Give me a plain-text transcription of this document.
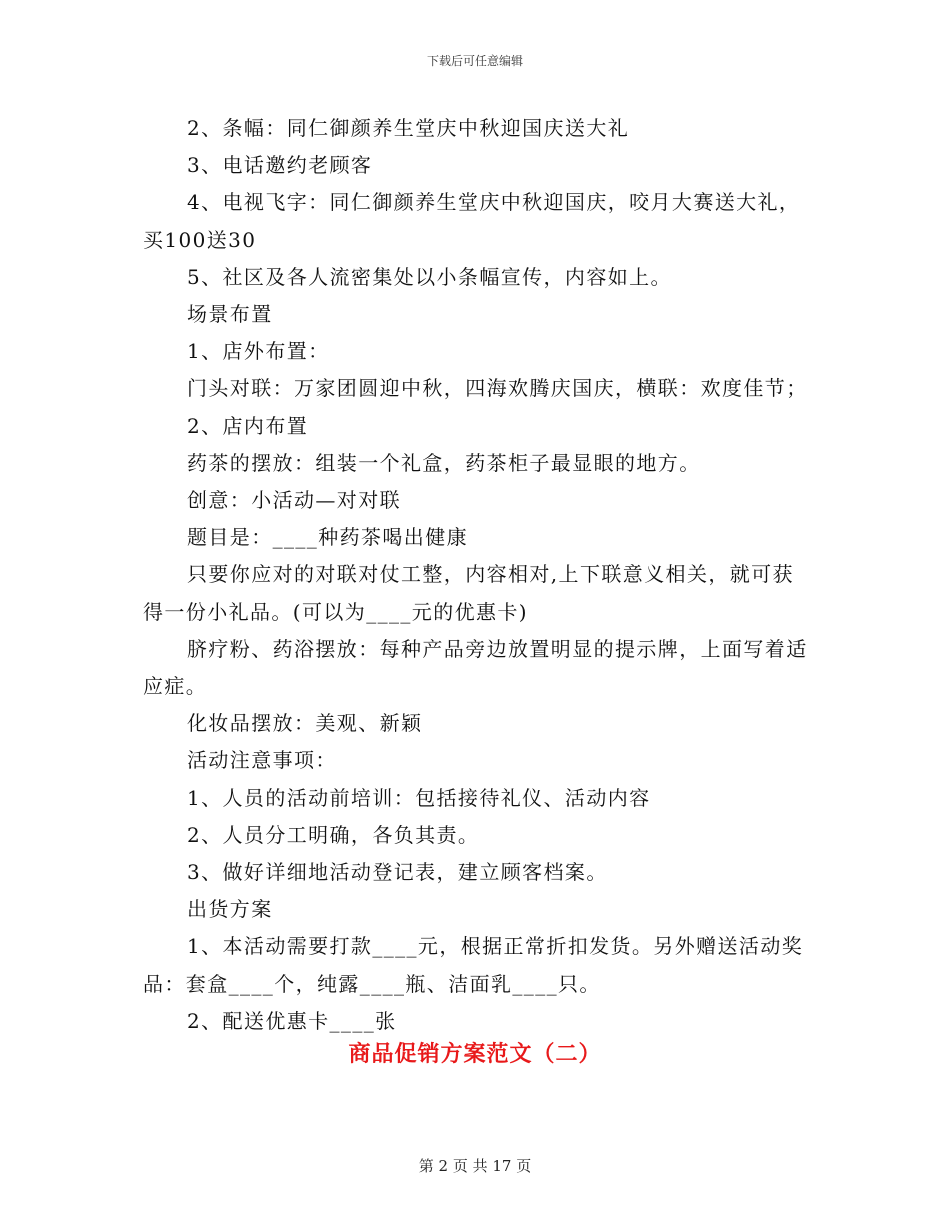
下载后可任意编辑

2、条幅：同仁御颜养生堂庆中秋迎国庆送大礼

3、电话邀约老顾客

4、电视飞字：同仁御颜养生堂庆中秋迎国庆，咬月大赛送大礼，买100送30

5、社区及各人流密集处以小条幅宣传，内容如上。

场景布置

1、店外布置：

门头对联：万家团圆迎中秋，四海欢腾庆国庆，横联：欢度佳节；

2、店内布置

药茶的摆放：组装一个礼盒，药茶柜子最显眼的地方。

创意：小活动—对对联

题目是：____种药茶喝出健康

只要你应对的对联对仗工整，内容相对,上下联意义相关，就可获得一份小礼品。(可以为____元的优惠卡)

脐疗粉、药浴摆放：每种产品旁边放置明显的提示牌，上面写着适应症。

化妆品摆放：美观、新颖

活动注意事项：

1、人员的活动前培训：包括接待礼仪、活动内容

2、人员分工明确，各负其责。

3、做好详细地活动登记表，建立顾客档案。

出货方案

1、本活动需要打款____元，根据正常折扣发货。另外赠送活动奖品：套盒____个，纯露____瓶、洁面乳____只。

2、配送优惠卡____张

商品促销方案范文（二）
第 2 页 共 17 页
